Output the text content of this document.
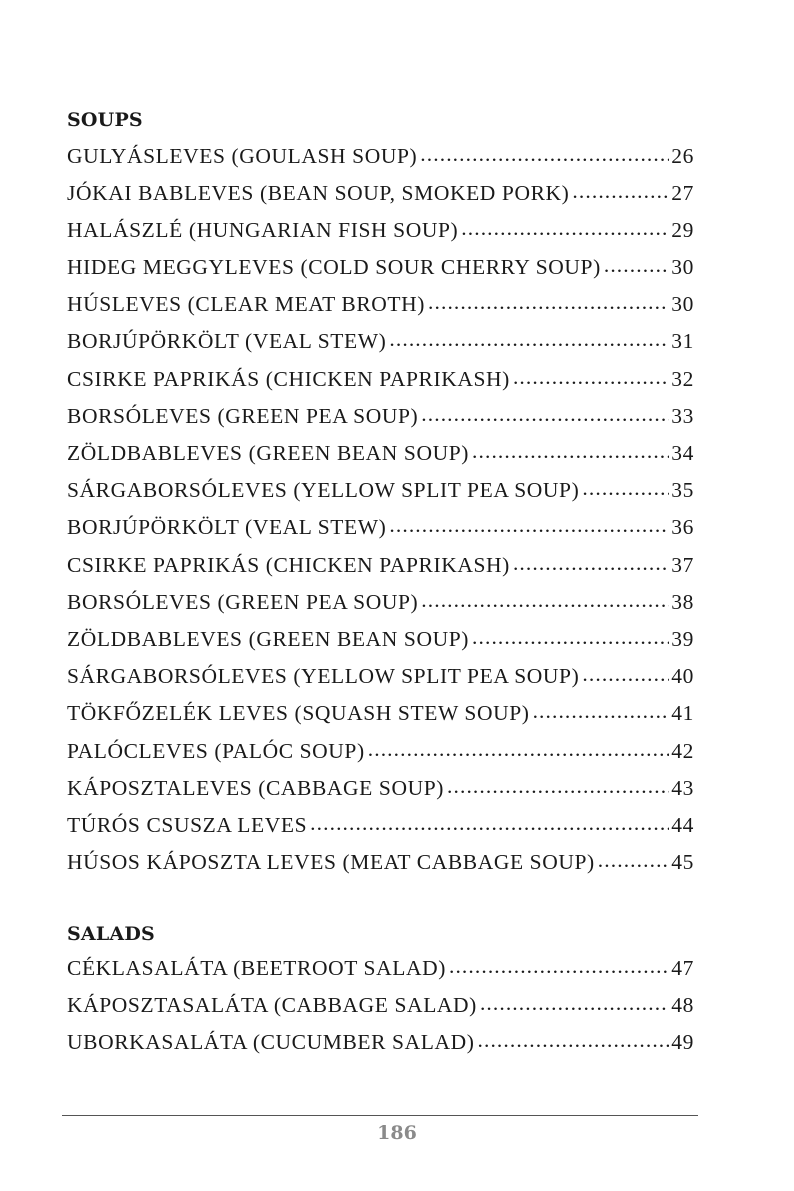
SOUPS
GULYÁSLEVES (GOULASH SOUP) .....	26
JÓKAI BABLEVES (BEAN SOUP, SMOKED PORK) .....	27
HALÁSZLÉ (HUNGARIAN FISH SOUP) .....	29
HIDEG MEGGYLEVES (COLD SOUR CHERRY SOUP) .....	30
HÚSLEVES (CLEAR MEAT BROTH) .....	30
BORJÚPÖRKÖLT (VEAL STEW) .....	31
CSIRKE PAPRIKÁS (CHICKEN PAPRIKASH) .....	32
BORSÓLEVES (GREEN PEA SOUP) .....	33
ZÖLDBABLEVES (GREEN BEAN SOUP) .....	34
SÁRGABORSÓLEVES (YELLOW SPLIT PEA SOUP) .....	35
BORJÚPÖRKÖLT (VEAL STEW) .....	36
CSIRKE PAPRIKÁS (CHICKEN PAPRIKASH) .....	37
BORSÓLEVES (GREEN PEA SOUP) .....	38
ZÖLDBABLEVES (GREEN BEAN SOUP) .....	39
SÁRGABORSÓLEVES (YELLOW SPLIT PEA SOUP) .....	40
TÖKFŐZELÉK LEVES (SQUASH STEW SOUP) .....	41
PALÓCLEVES (PALÓC SOUP) .....	42
KÁPOSZTALEVES (CABBAGE SOUP) .....	43
TÚRÓS CSUSZA LEVES .....	44
HÚSOS KÁPOSZTA LEVES (MEAT CABBAGE SOUP) .....	45
SALADS
CÉKLASALÁTA (BEETROOT SALAD) .....	47
KÁPOSZTASALÁTA (CABBAGE SALAD) .....	48
UBORKASALÁTA (CUCUMBER SALAD) .....	49
186
